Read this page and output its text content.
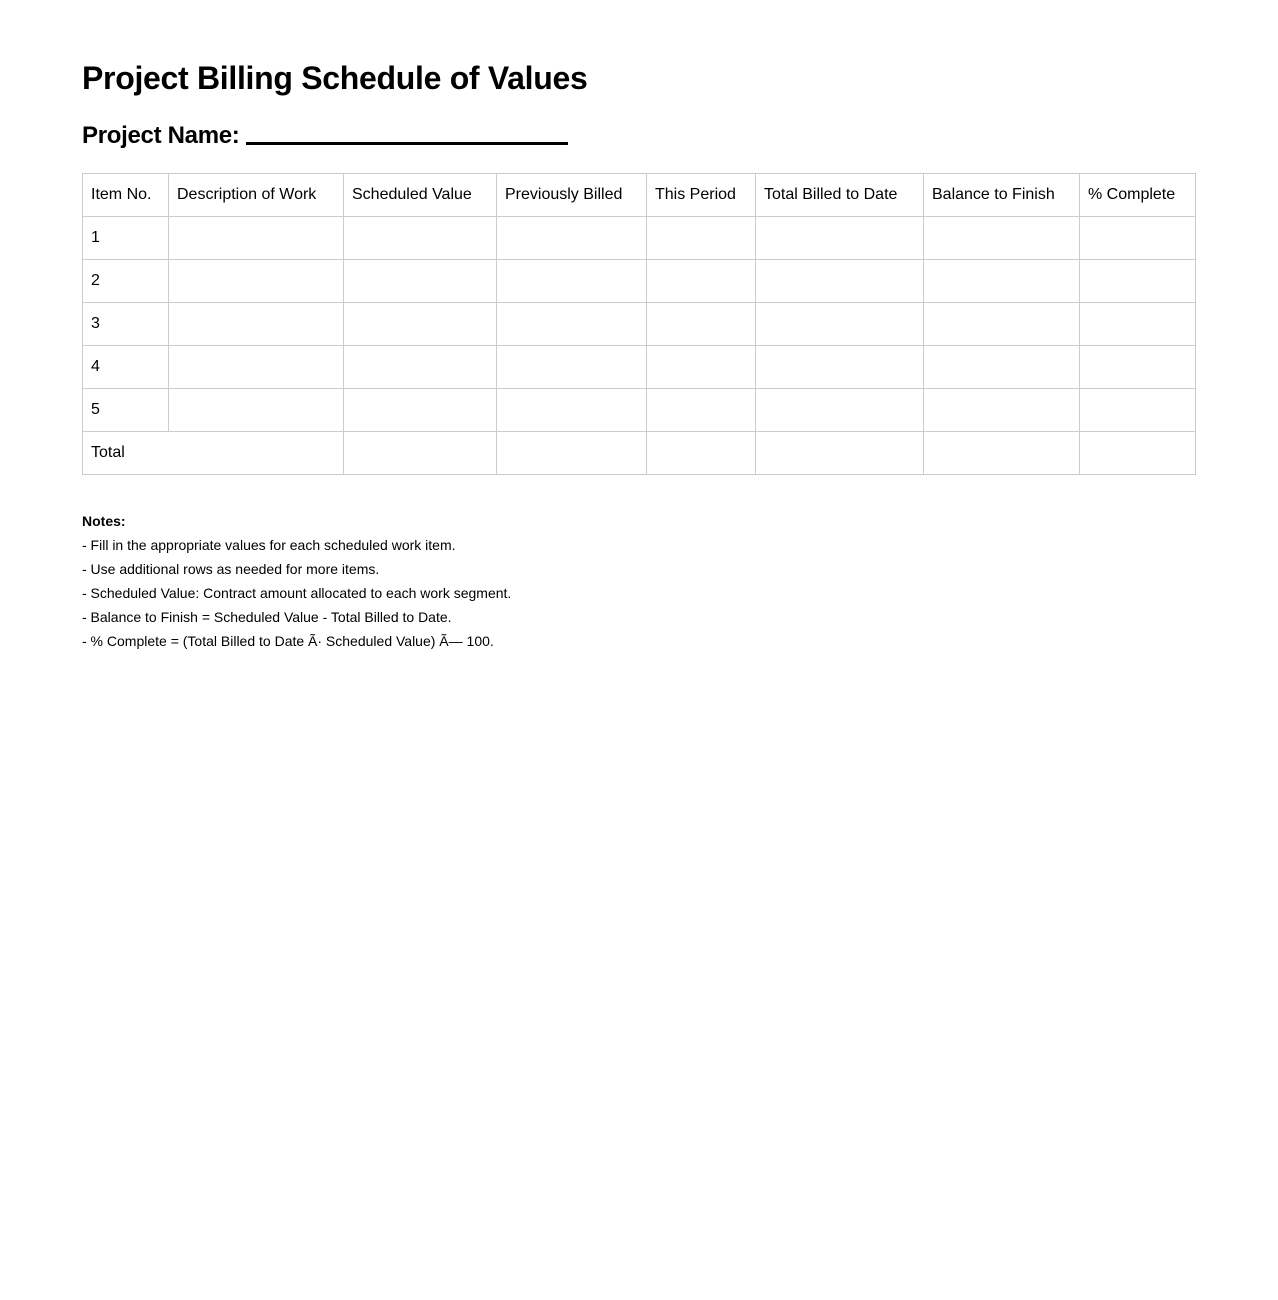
Project Billing Schedule of Values
Project Name:
Item No.	Description of Work	Scheduled Value	Previously Billed	This Period	Total Billed to Date	Balance to Finish	% Complete
1							
2							
3							
4							
5							
Total							
Notes:
- Fill in the appropriate values for each scheduled work item.
- Use additional rows as needed for more items.
- Scheduled Value: Contract amount allocated to each work segment.
- Balance to Finish = Scheduled Value - Total Billed to Date.
- % Complete = (Total Billed to Date Ã· Scheduled Value) Ã— 100.
